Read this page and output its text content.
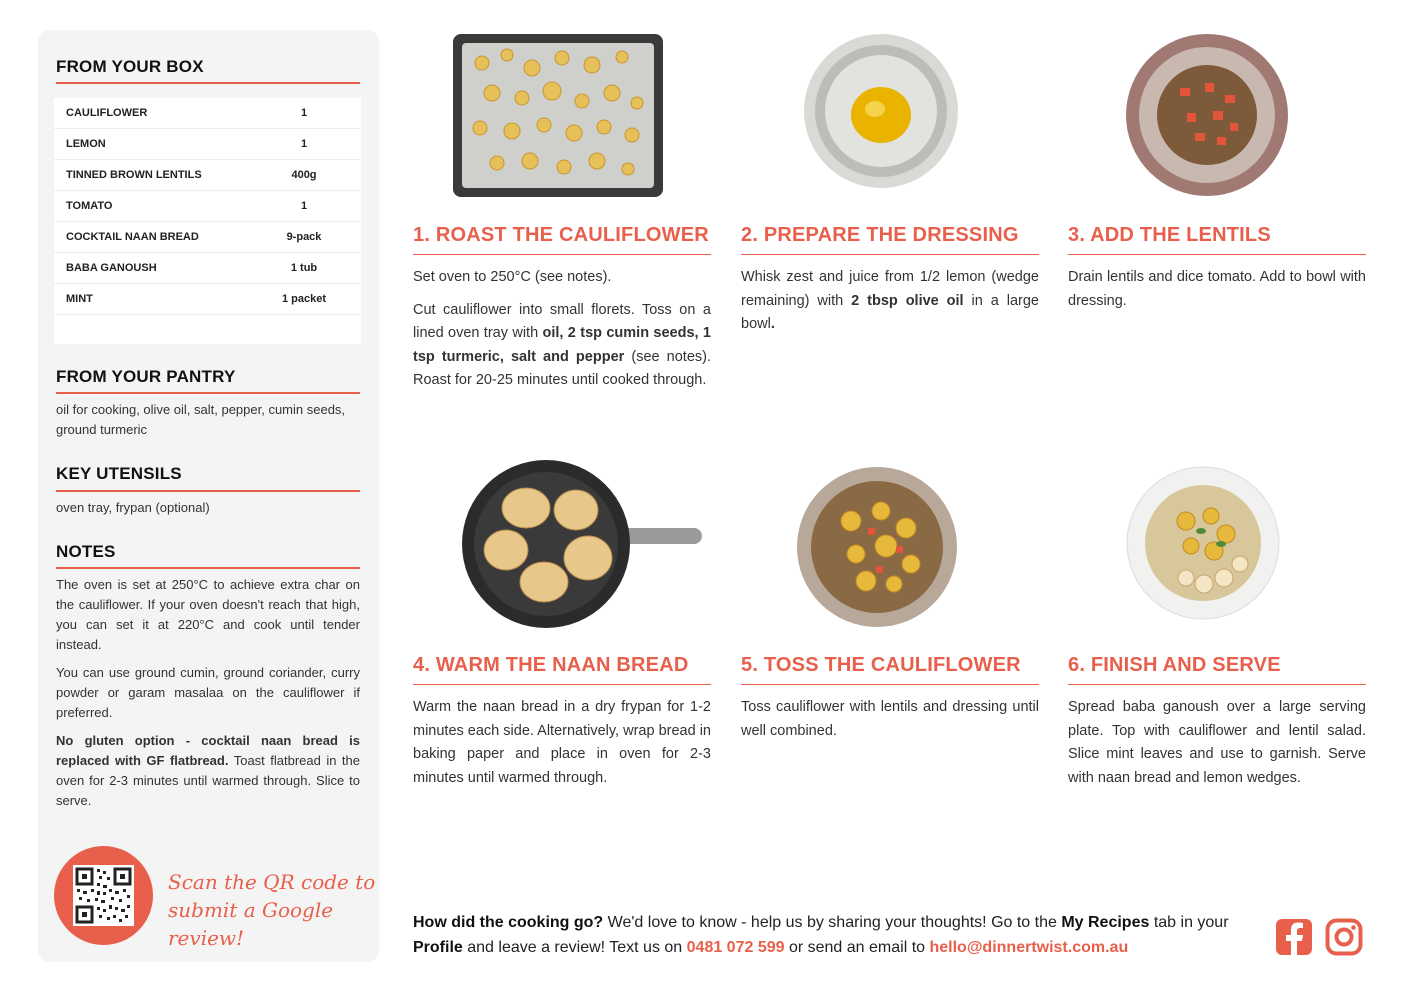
FROM YOUR BOX
CAULIFLOWER	1
LEMON	1
TINNED BROWN LENTILS	400g
TOMATO	1
COCKTAIL NAAN BREAD	9-pack
BABA GANOUSH	1 tub
MINT	1 packet
FROM YOUR PANTRY
oil for cooking, olive oil, salt, pepper, cumin seeds, ground turmeric
KEY UTENSILS
oven tray, frypan (optional)
NOTES

The oven is set at 250°C to achieve extra char on the cauliflower. If your oven doesn't reach that high, you can set it at 220°C and cook until tender instead.

You can use ground cumin, ground coriander, curry powder or garam masalaa on the cauliflower if preferred.

No gluten option - cocktail naan bread is replaced with GF flatbread. Toast flatbread in the oven for 2-3 minutes until warmed through. Slice to serve.

Scan the QR code to
submit a Google review!
1. ROAST THE CAULIFLOWER

Set oven to 250°C (see notes).

Cut cauliflower into small florets. Toss on a lined oven tray with oil, 2 tsp cumin seeds, 1 tsp turmeric, salt and pepper (see notes). Roast for 20-25 minutes until cooked through.

2. PREPARE THE DRESSING

Whisk zest and juice from 1/2 lemon (wedge remaining) with 2 tbsp olive oil in a large bowl.

3. ADD THE LENTILS

Drain lentils and dice tomato. Add to bowl with dressing.

4. WARM THE NAAN BREAD

Warm the naan bread in a dry frypan for 1-2 minutes each side. Alternatively, wrap bread in baking paper and place in oven for 2-3 minutes until warmed through.

5. TOSS THE CAULIFLOWER

Toss cauliflower with lentils and dressing until well combined.

6. FINISH AND SERVE

Spread baba ganoush over a large serving plate. Top with cauliflower and lentil salad. Slice mint leaves and use to garnish. Serve with naan bread and lemon wedges.

How did the cooking go? We'd love to know - help us by sharing your thoughts! Go to the My Recipes tab in your Profile and leave a review! Text us on 0481 072 599 or send an email to hello@dinnertwist.com.au
